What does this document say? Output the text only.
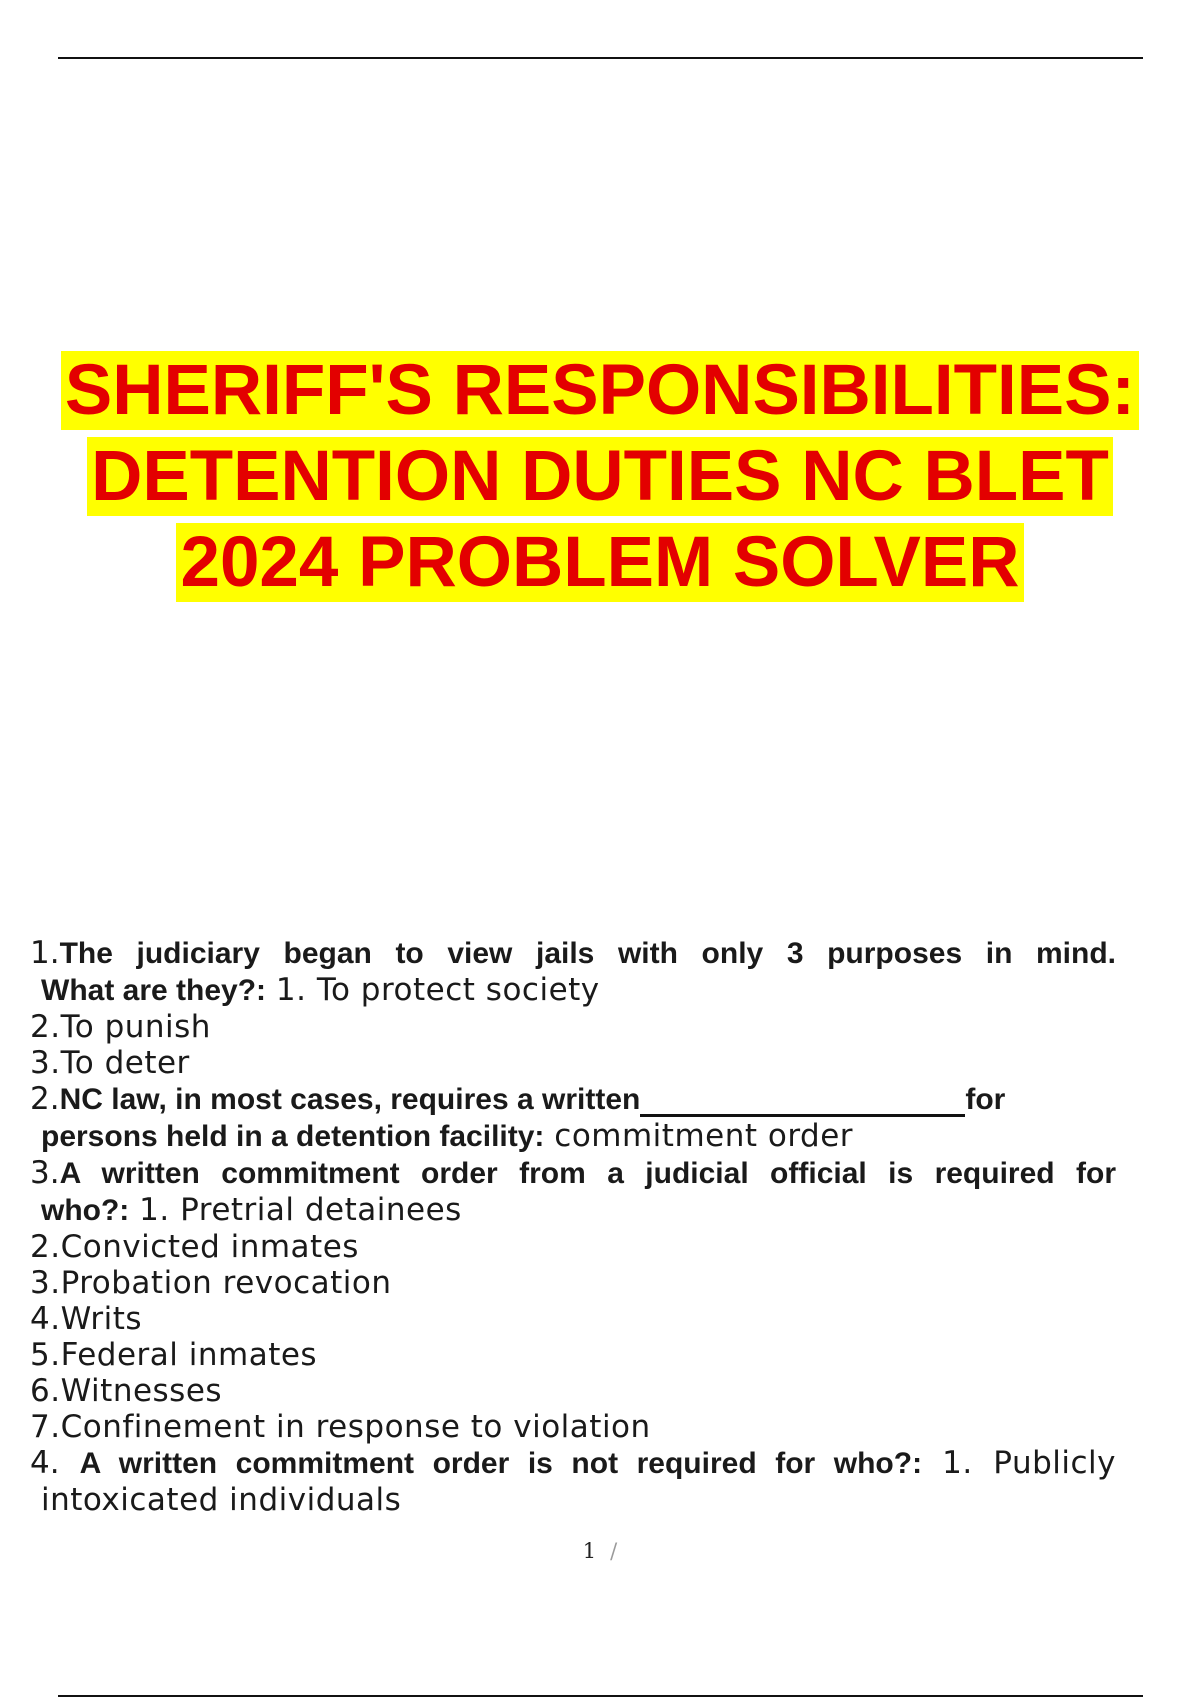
SHERIFF'S RESPONSIBILITIES:
DETENTION DUTIES NC BLET
2024 PROBLEM SOLVER
1.The judiciary began to view jails with only 3 purposes in mind.
What are they?: 1. To protect society
2.To punish
3.To deter
2.NC law, in most cases, requires a written	for
persons held in a detention facility: commitment order
3.A written commitment order from a judicial official is required for
who?: 1. Pretrial detainees
2.Convicted inmates
3.Probation revocation
4.Writs
5.Federal inmates
6.Witnesses
7.Confinement in response to violation
4. A written commitment order is not required for who?: 1. Publicly
intoxicated individuals
1 /
